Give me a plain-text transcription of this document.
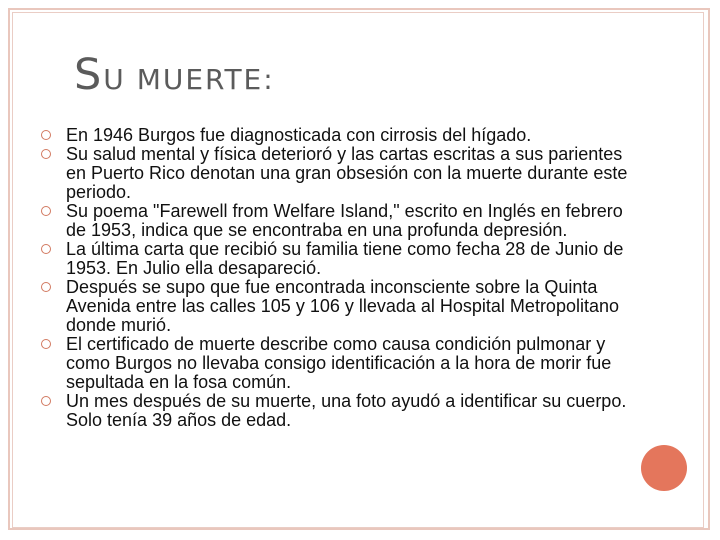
SU MUERTE:
En 1946 Burgos fue diagnosticada con cirrosis del hígado.
Su salud mental y física deterioró y las cartas escritas a sus parientes en Puerto Rico denotan una gran obsesión con la muerte durante este periodo.
Su poema "Farewell from Welfare Island," escrito en Inglés en febrero de 1953, indica que se encontraba en una profunda depresión.
La última carta que recibió su familia tiene como fecha 28 de Junio de 1953. En Julio ella desapareció.
Después se supo que fue encontrada inconsciente sobre la Quinta Avenida entre las calles 105 y 106 y llevada al Hospital Metropolitano donde murió.
El certificado de muerte describe como causa condición pulmonar y como Burgos no llevaba consigo identificación a la hora de morir fue sepultada en la fosa común.
Un mes después de su muerte, una foto ayudó a identificar su cuerpo. Solo tenía 39 años de edad.
